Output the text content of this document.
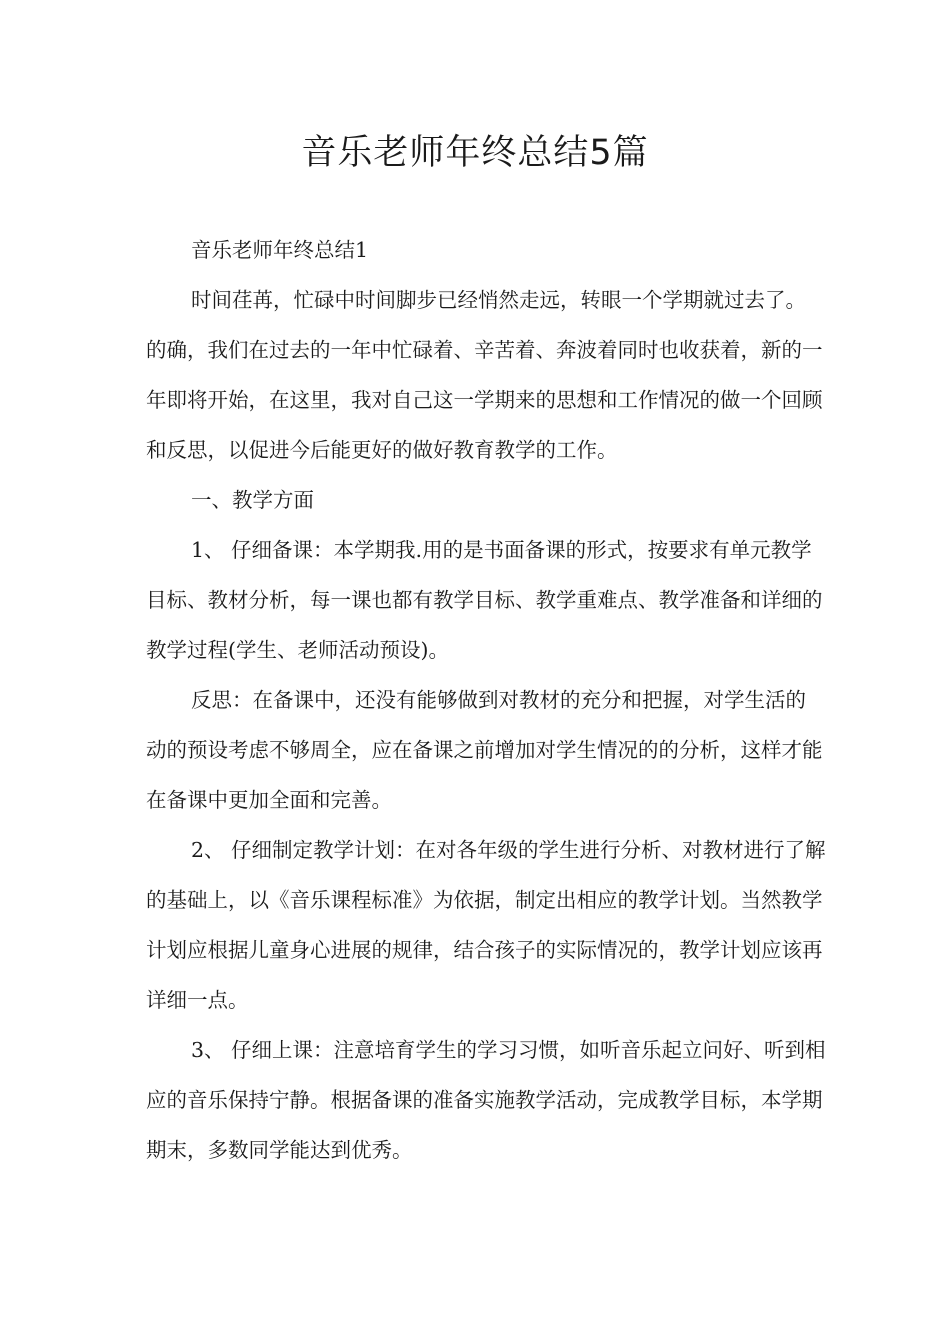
音乐老师年终总结5篇

音乐老师年终总结1

时间荏苒，忙碌中时间脚步已经悄然走远，转眼一个学期就过去了。的确，我们在过去的一年中忙碌着、辛苦着、奔波着同时也收获着，新的一年即将开始，在这里，我对自己这一学期来的思想和工作情况的做一个回顾和反思，以促进今后能更好的做好教育教学的工作。

一、教学方面

1、 仔细备课：本学期我.用的是书面备课的形式，按要求有单元教学目标、教材分析，每一课也都有教学目标、教学重难点、教学准备和详细的教学过程(学生、老师活动预设)。

反思：在备课中，还没有能够做到对教材的充分和把握，对学生活的动的预设考虑不够周全，应在备课之前增加对学生情况的的分析，这样才能在备课中更加全面和完善。

2、 仔细制定教学计划：在对各年级的学生进行分析、对教材进行了解的基础上，以《音乐课程标准》为依据，制定出相应的教学计划。当然教学计划应根据儿童身心进展的规律，结合孩子的实际情况的，教学计划应该再详细一点。

3、 仔细上课：注意培育学生的学习习惯，如听音乐起立问好、听到相应的音乐保持宁静。根据备课的准备实施教学活动，完成教学目标，本学期期末，多数同学能达到优秀。
